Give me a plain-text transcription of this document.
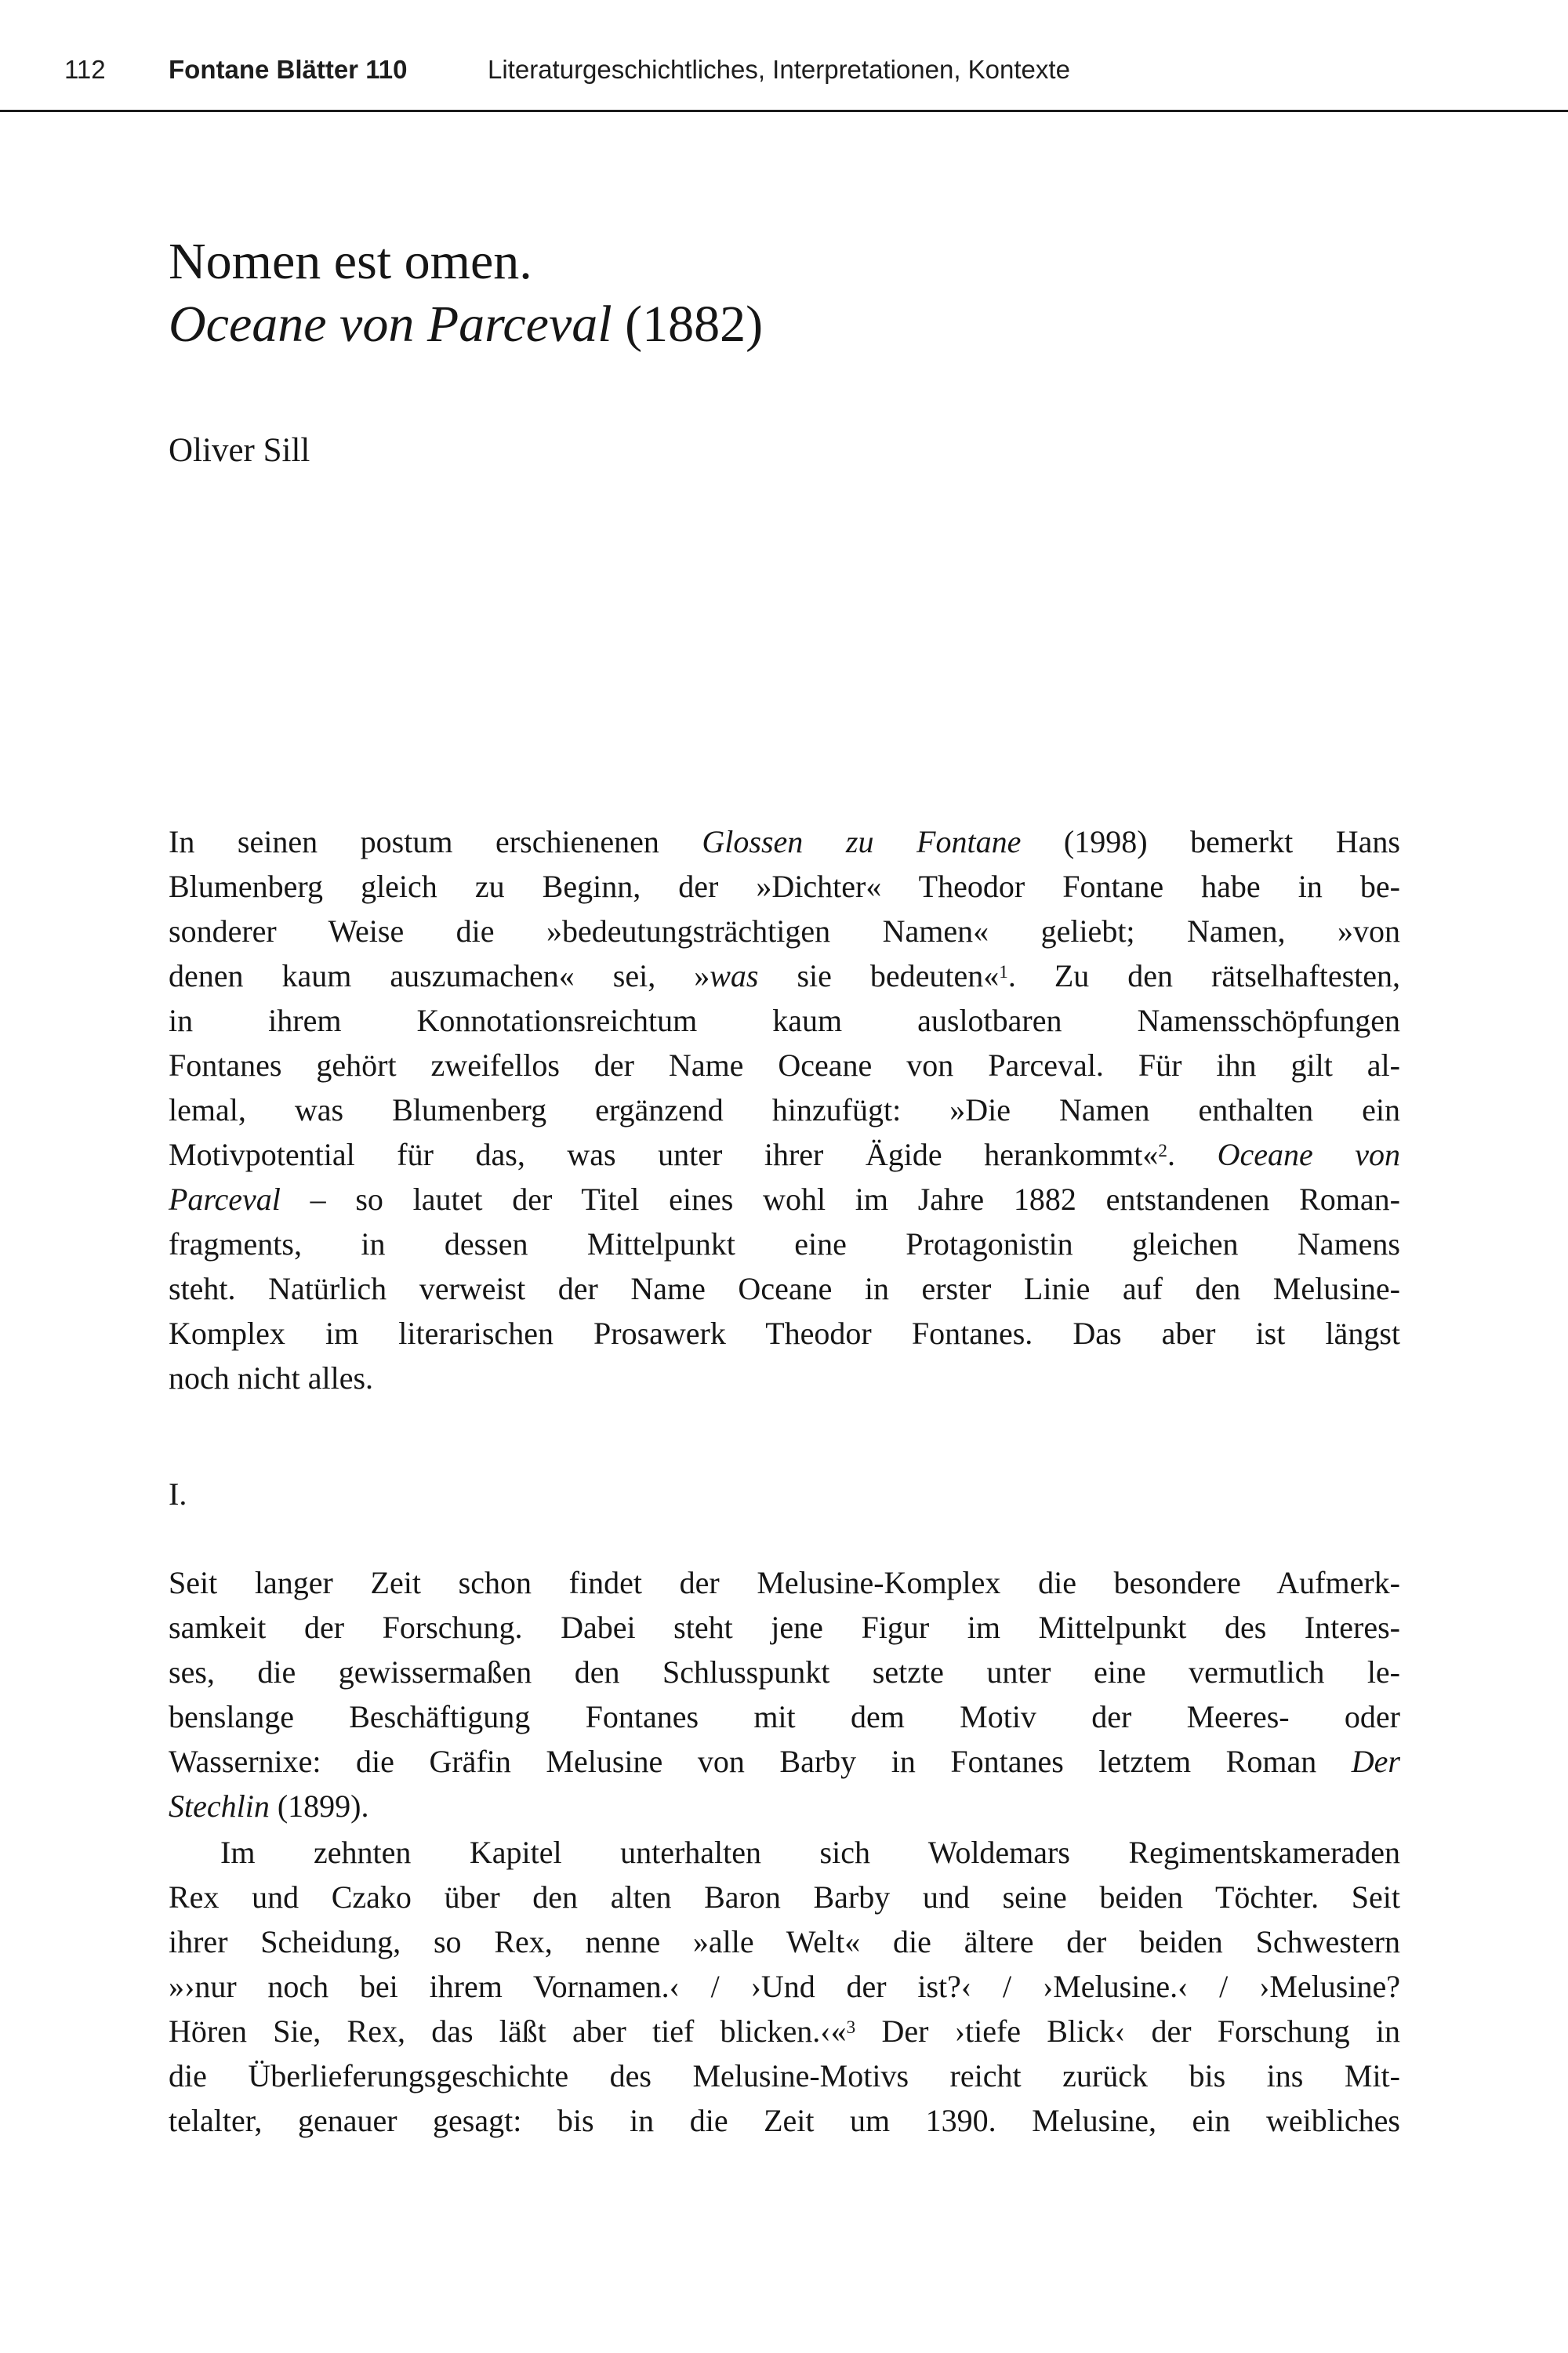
112 Fontane Blätter 110	Literaturgeschichtliches, Interpretationen, Kontexte
Nomen est omen.
Oceane von Parceval (1882)
Oliver Sill
In seinen postum erschienenen Glossen zu Fontane (1998) bemerkt Hans
Blumenberg gleich zu Beginn, der »Dichter« Theodor Fontane habe in be-
sonderer Weise die »bedeutungsträchtigen Namen« geliebt; Namen, »von
denen kaum auszumachen« sei, »was sie bedeuten«$^1$. Zu den rätselhaftesten,
in ihrem Konnotationsreichtum kaum auslotbaren Namensschöpfungen
Fontanes gehört zweifellos der Name Oceane von Parceval. Für ihn gilt al-
lemal, was Blumenberg ergänzend hinzufügt: »Die Namen enthalten ein
Motivpotential für das, was unter ihrer Ägide herankommt«$^2$. Oceane von
Parceval – so lautet der Titel eines wohl im Jahre 1882 entstandenen Roman-
fragments, in dessen Mittelpunkt eine Protagonistin gleichen Namens
steht. Natürlich verweist der Name Oceane in erster Linie auf den Melusine-
Komplex im literarischen Prosawerk Theodor Fontanes. Das aber ist längst
noch nicht alles.
I.
Seit langer Zeit schon findet der Melusine-Komplex die besondere Aufmerk-
samkeit der Forschung. Dabei steht jene Figur im Mittelpunkt des Interes-
ses, die gewissermaßen den Schlusspunkt setzte unter eine vermutlich le-
benslange Beschäftigung Fontanes mit dem Motiv der Meeres- oder
Wassernixe: die Gräfin Melusine von Barby in Fontanes letztem Roman Der
Stechlin (1899).
Im zehnten Kapitel unterhalten sich Woldemars Regimentskameraden
Rex und Czako über den alten Baron Barby und seine beiden Töchter. Seit
ihrer Scheidung, so Rex, nenne »alle Welt« die ältere der beiden Schwestern
»›nur noch bei ihrem Vornamen.‹ / ›Und der ist?‹ / ›Melusine.‹ / ›Melusine?
Hören Sie, Rex, das läßt aber tief blicken.‹«$^3$ Der ›tiefe Blick‹ der Forschung in
die Überlieferungsgeschichte des Melusine-Motivs reicht zurück bis ins Mit-
telalter, genauer gesagt: bis in die Zeit um 1390. Melusine, ein weibliches
